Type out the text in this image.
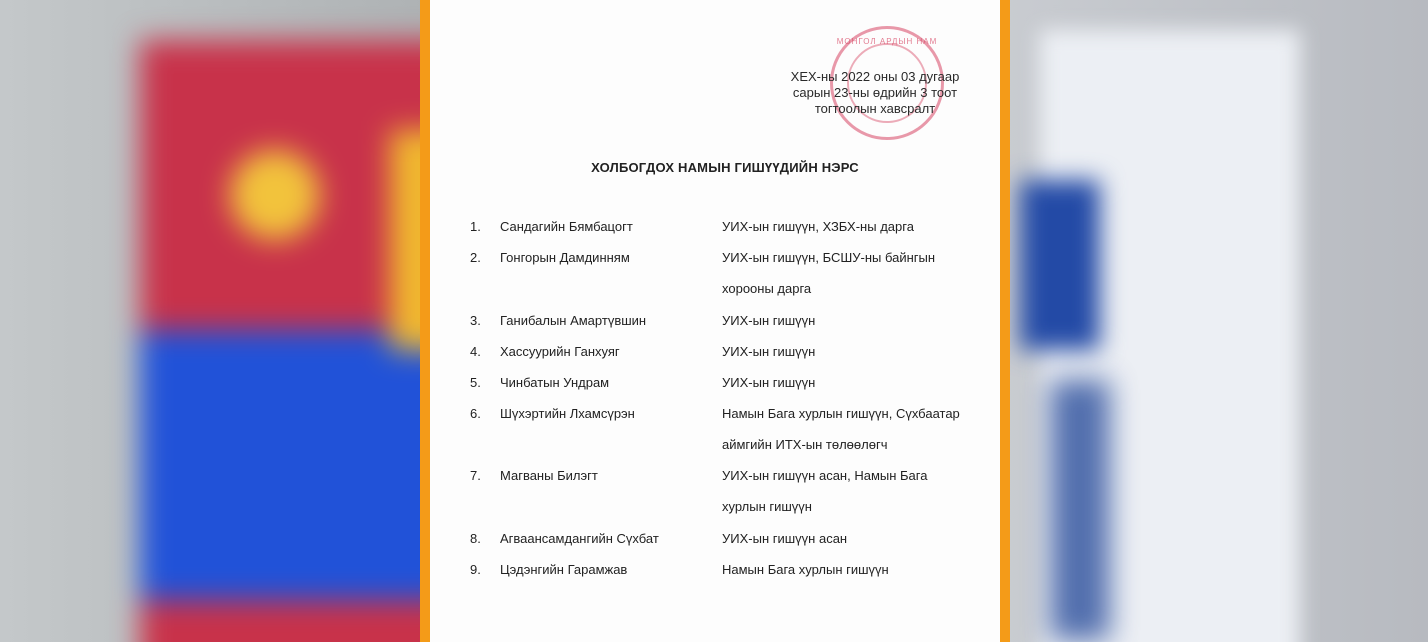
МОНГОЛ АРДЫН НАМ
ХЕХ-ны 2022 оны 03 дугаар
сарын 23-ны өдрийн 3 тоот
тогтоолын хавсралт
ХОЛБОГДОХ НАМЫН ГИШҮҮДИЙН НЭРС
1.	Сандагийн Бямбацогт	УИХ-ын гишүүн, ХЗБХ-ны дарга
2.	Гонгорын Дамдинням	УИХ-ын гишүүн, БСШУ-ны байнгын хорооны дарга
3.	Ганибалын Амартүвшин	УИХ-ын гишүүн
4.	Хассуурийн Ганхуяг	УИХ-ын гишүүн
5.	Чинбатын Ундрам	УИХ-ын гишүүн
6.	Шүхэртийн Лхамсүрэн	Намын Бага хурлын гишүүн, Сүхбаатар аймгийн ИТХ-ын төлөөлөгч
7.	Магваны Билэгт	УИХ-ын гишүүн асан, Намын Бага хурлын гишүүн
8.	Агваансамдангийн Сүхбат	УИХ-ын гишүүн асан
9.	Цэдэнгийн Гарамжав	Намын Бага хурлын гишүүн
